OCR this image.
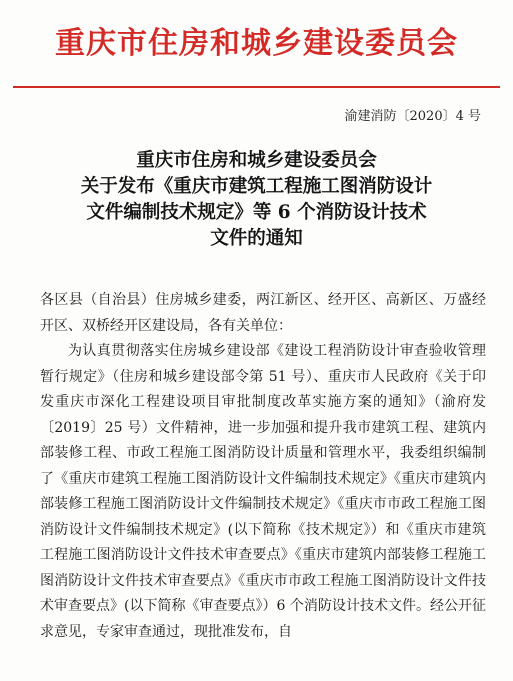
重庆市住房和城乡建设委员会
渝建消防〔2020〕4 号
重庆市住房和城乡建设委员会
关于发布《重庆市建筑工程施工图消防设计
文件编制技术规定》等 6 个消防设计技术
文件的通知
各区县（自治县）住房城乡建委，两江新区、经开区、高新区、万盛经开区、双桥经开区建设局，各有关单位：
为认真贯彻落实住房城乡建设部《建设工程消防设计审查验收管理暂行规定》（住房和城乡建设部令第 51 号）、重庆市人民政府《关于印发重庆市深化工程建设项目审批制度改革实施方案的通知》（渝府发〔2019〕25 号）文件精神，进一步加强和提升我市建筑工程、建筑内部装修工程、市政工程施工图消防设计质量和管理水平，我委组织编制了《重庆市建筑工程施工图消防设计文件编制技术规定》《重庆市建筑内部装修工程施工图消防设计文件编制技术规定》《重庆市市政工程施工图消防设计文件编制技术规定》(以下简称《技术规定》）和《重庆市建筑工程施工图消防设计文件技术审查要点》《重庆市建筑内部装修工程施工图消防设计文件技术审查要点》《重庆市市政工程施工图消防设计文件技术审查要点》(以下简称《审查要点》）6 个消防设计技术文件。经公开征求意见，专家审查通过，现批准发布，自
